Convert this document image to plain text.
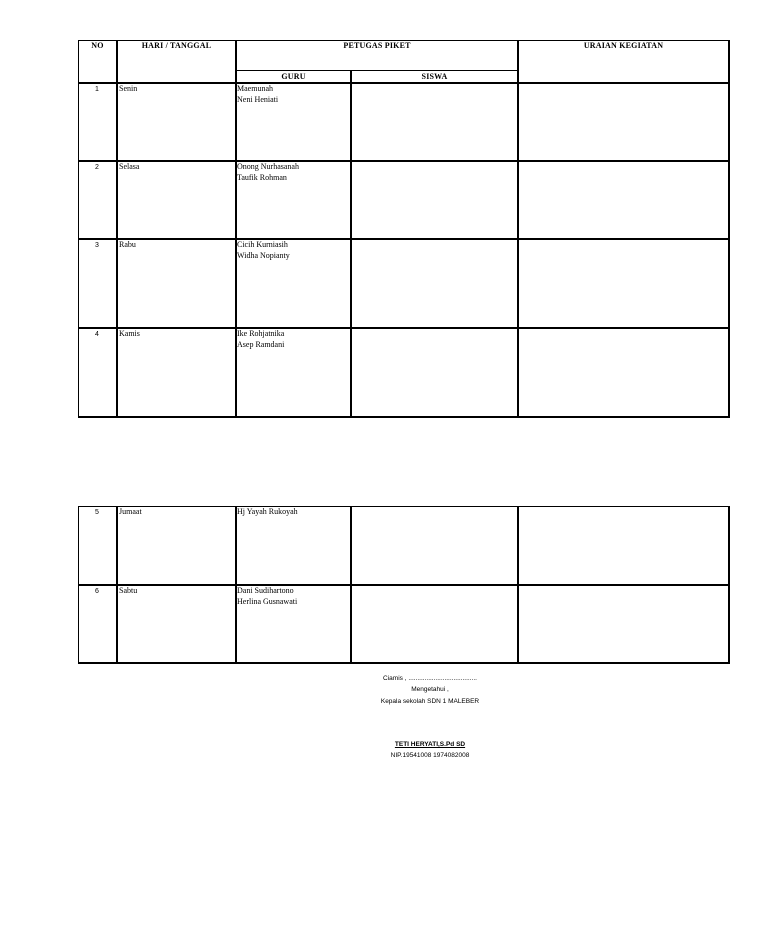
NO	HARI / TANGGAL	PETUGAS PIKET	URAIAN KEGIATAN
GURU	SISWA
1	Senin	Maemunah
Neni Heniati
2	Selasa	Onong Nurhasanah
Taufik Rohman
3	Rabu	Cicih Kurniasih
Widha Nopianty
4	Kamis	Ike Rohjatnika
Asep Ramdani
5	Jumaat	Hj Yayah Rukoyah
6	Sabtu	Dani Sudihartono
Herlina Gusnawati
Ciamis , ......................................
Mengetahui ,
Kepala sekolah SDN 1 MALEBER
TETI HERYATI,S.Pd SD
NIP.19541008 1974082008
